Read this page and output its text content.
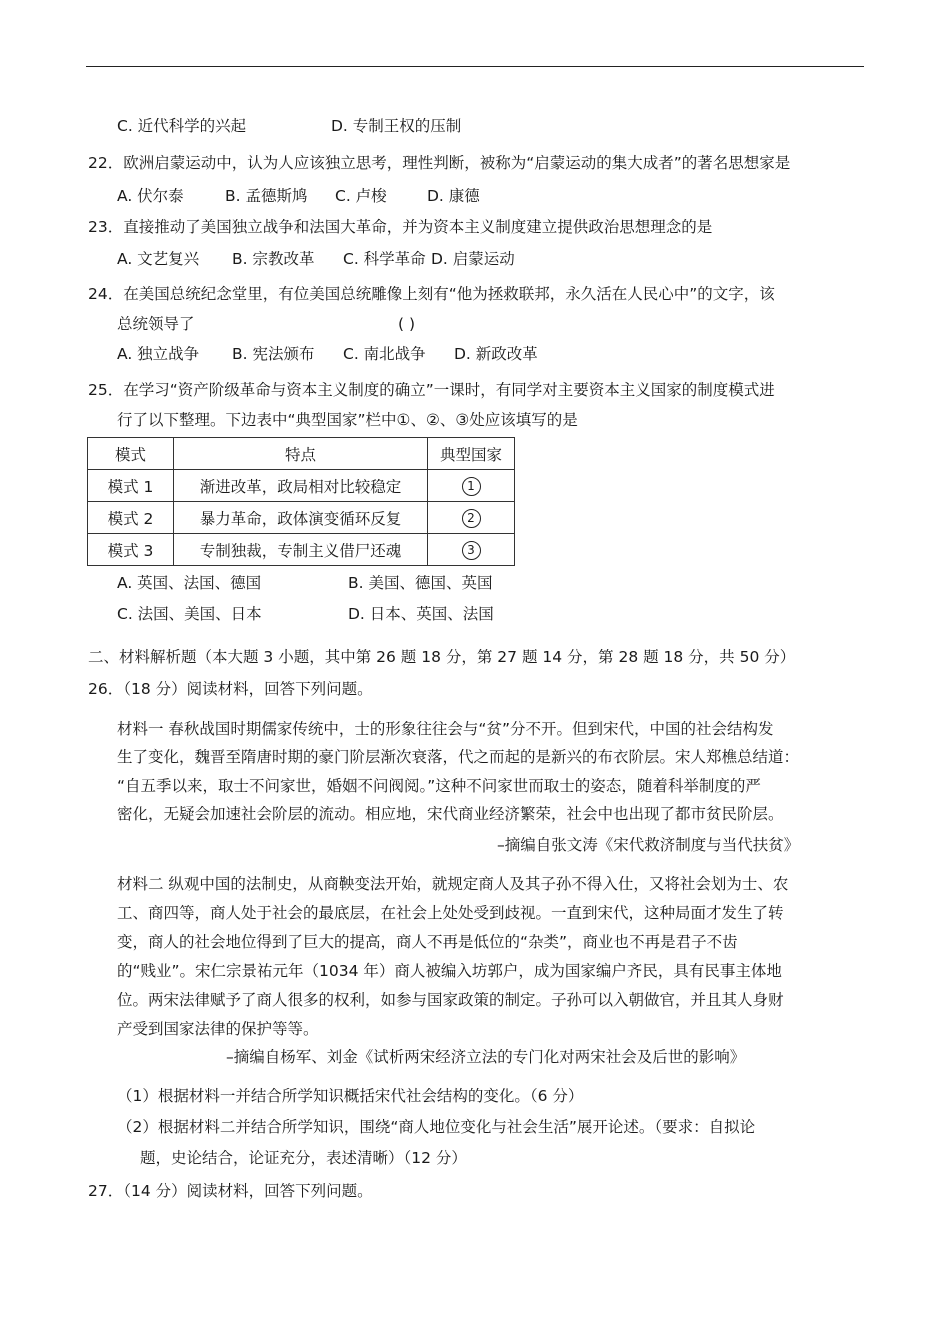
C. 近代科学的兴起	D. 专制王权的压制
22．欧洲启蒙运动中，认为人应该独立思考，理性判断，被称为“启蒙运动的集大成者”的著名思想家是
A. 伏尔泰	B. 孟德斯鸠 C. 卢梭	D. 康德
23．直接推动了美国独立战争和法国大革命，并为资本主义制度建立提供政治思想理念的是
A. 文艺复兴 B. 宗教改革 C. 科学革命 D. 启蒙运动
24．在美国总统纪念堂里，有位美国总统雕像上刻有“他为拯救联邦，永久活在人民心中”的文字，该
总统领导了	( )
A. 独立战争 B. 宪法颁布 C. 南北战争 D. 新政改革
25．在学习“资产阶级革命与资本主义制度的确立”一课时，有同学对主要资本主义国家的制度模式进
行了以下整理。下边表中“典型国家”栏中①、②、③处应该填写的是
模式	特点	典型国家
模式 1	渐进改革，政局相对比较稳定	1
模式 2	暴力革命，政体演变循环反复	2
模式 3	专制独裁，专制主义借尸还魂	3
A. 英国、法国、德国	B. 美国、德国、英国
C. 法国、美国、日本	D. 日本、英国、法国
二、材料解析题（本大题 3 小题，其中第 26 题 18 分，第 27 题 14 分，第 28 题 18 分，共 50 分）
26．（18 分）阅读材料，回答下列问题。
材料一 春秋战国时期儒家传统中，士的形象往往会与“贫”分不开。但到宋代，中国的社会结构发
生了变化，魏晋至隋唐时期的豪门阶层渐次衰落，代之而起的是新兴的布衣阶层。宋人郑樵总结道：
“自五季以来，取士不问家世，婚姻不问阀阅。”这种不问家世而取士的姿态，随着科举制度的严
密化，无疑会加速社会阶层的流动。相应地，宋代商业经济繁荣，社会中也出现了都市贫民阶层。
–摘编自张文涛《宋代救济制度与当代扶贫》
材料二 纵观中国的法制史，从商鞅变法开始，就规定商人及其子孙不得入仕，又将社会划为士、农
工、商四等，商人处于社会的最底层，在社会上处处受到歧视。一直到宋代，这种局面才发生了转
变，商人的社会地位得到了巨大的提高，商人不再是低位的“杂类”，商业也不再是君子不齿
的“贱业”。宋仁宗景祐元年（1034 年）商人被编入坊郭户，成为国家编户齐民，具有民事主体地
位。两宋法律赋予了商人很多的权利，如参与国家政策的制定。子孙可以入朝做官，并且其人身财
产受到国家法律的保护等等。
–摘编自杨军、刘金《试析两宋经济立法的专门化对两宋社会及后世的影响》
（1）根据材料一并结合所学知识概括宋代社会结构的变化。（6 分）
（2）根据材料二并结合所学知识，围绕“商人地位变化与社会生活”展开论述。（要求：自拟论
题，史论结合，论证充分，表述清晰）（12 分）
27．（14 分）阅读材料，回答下列问题。
